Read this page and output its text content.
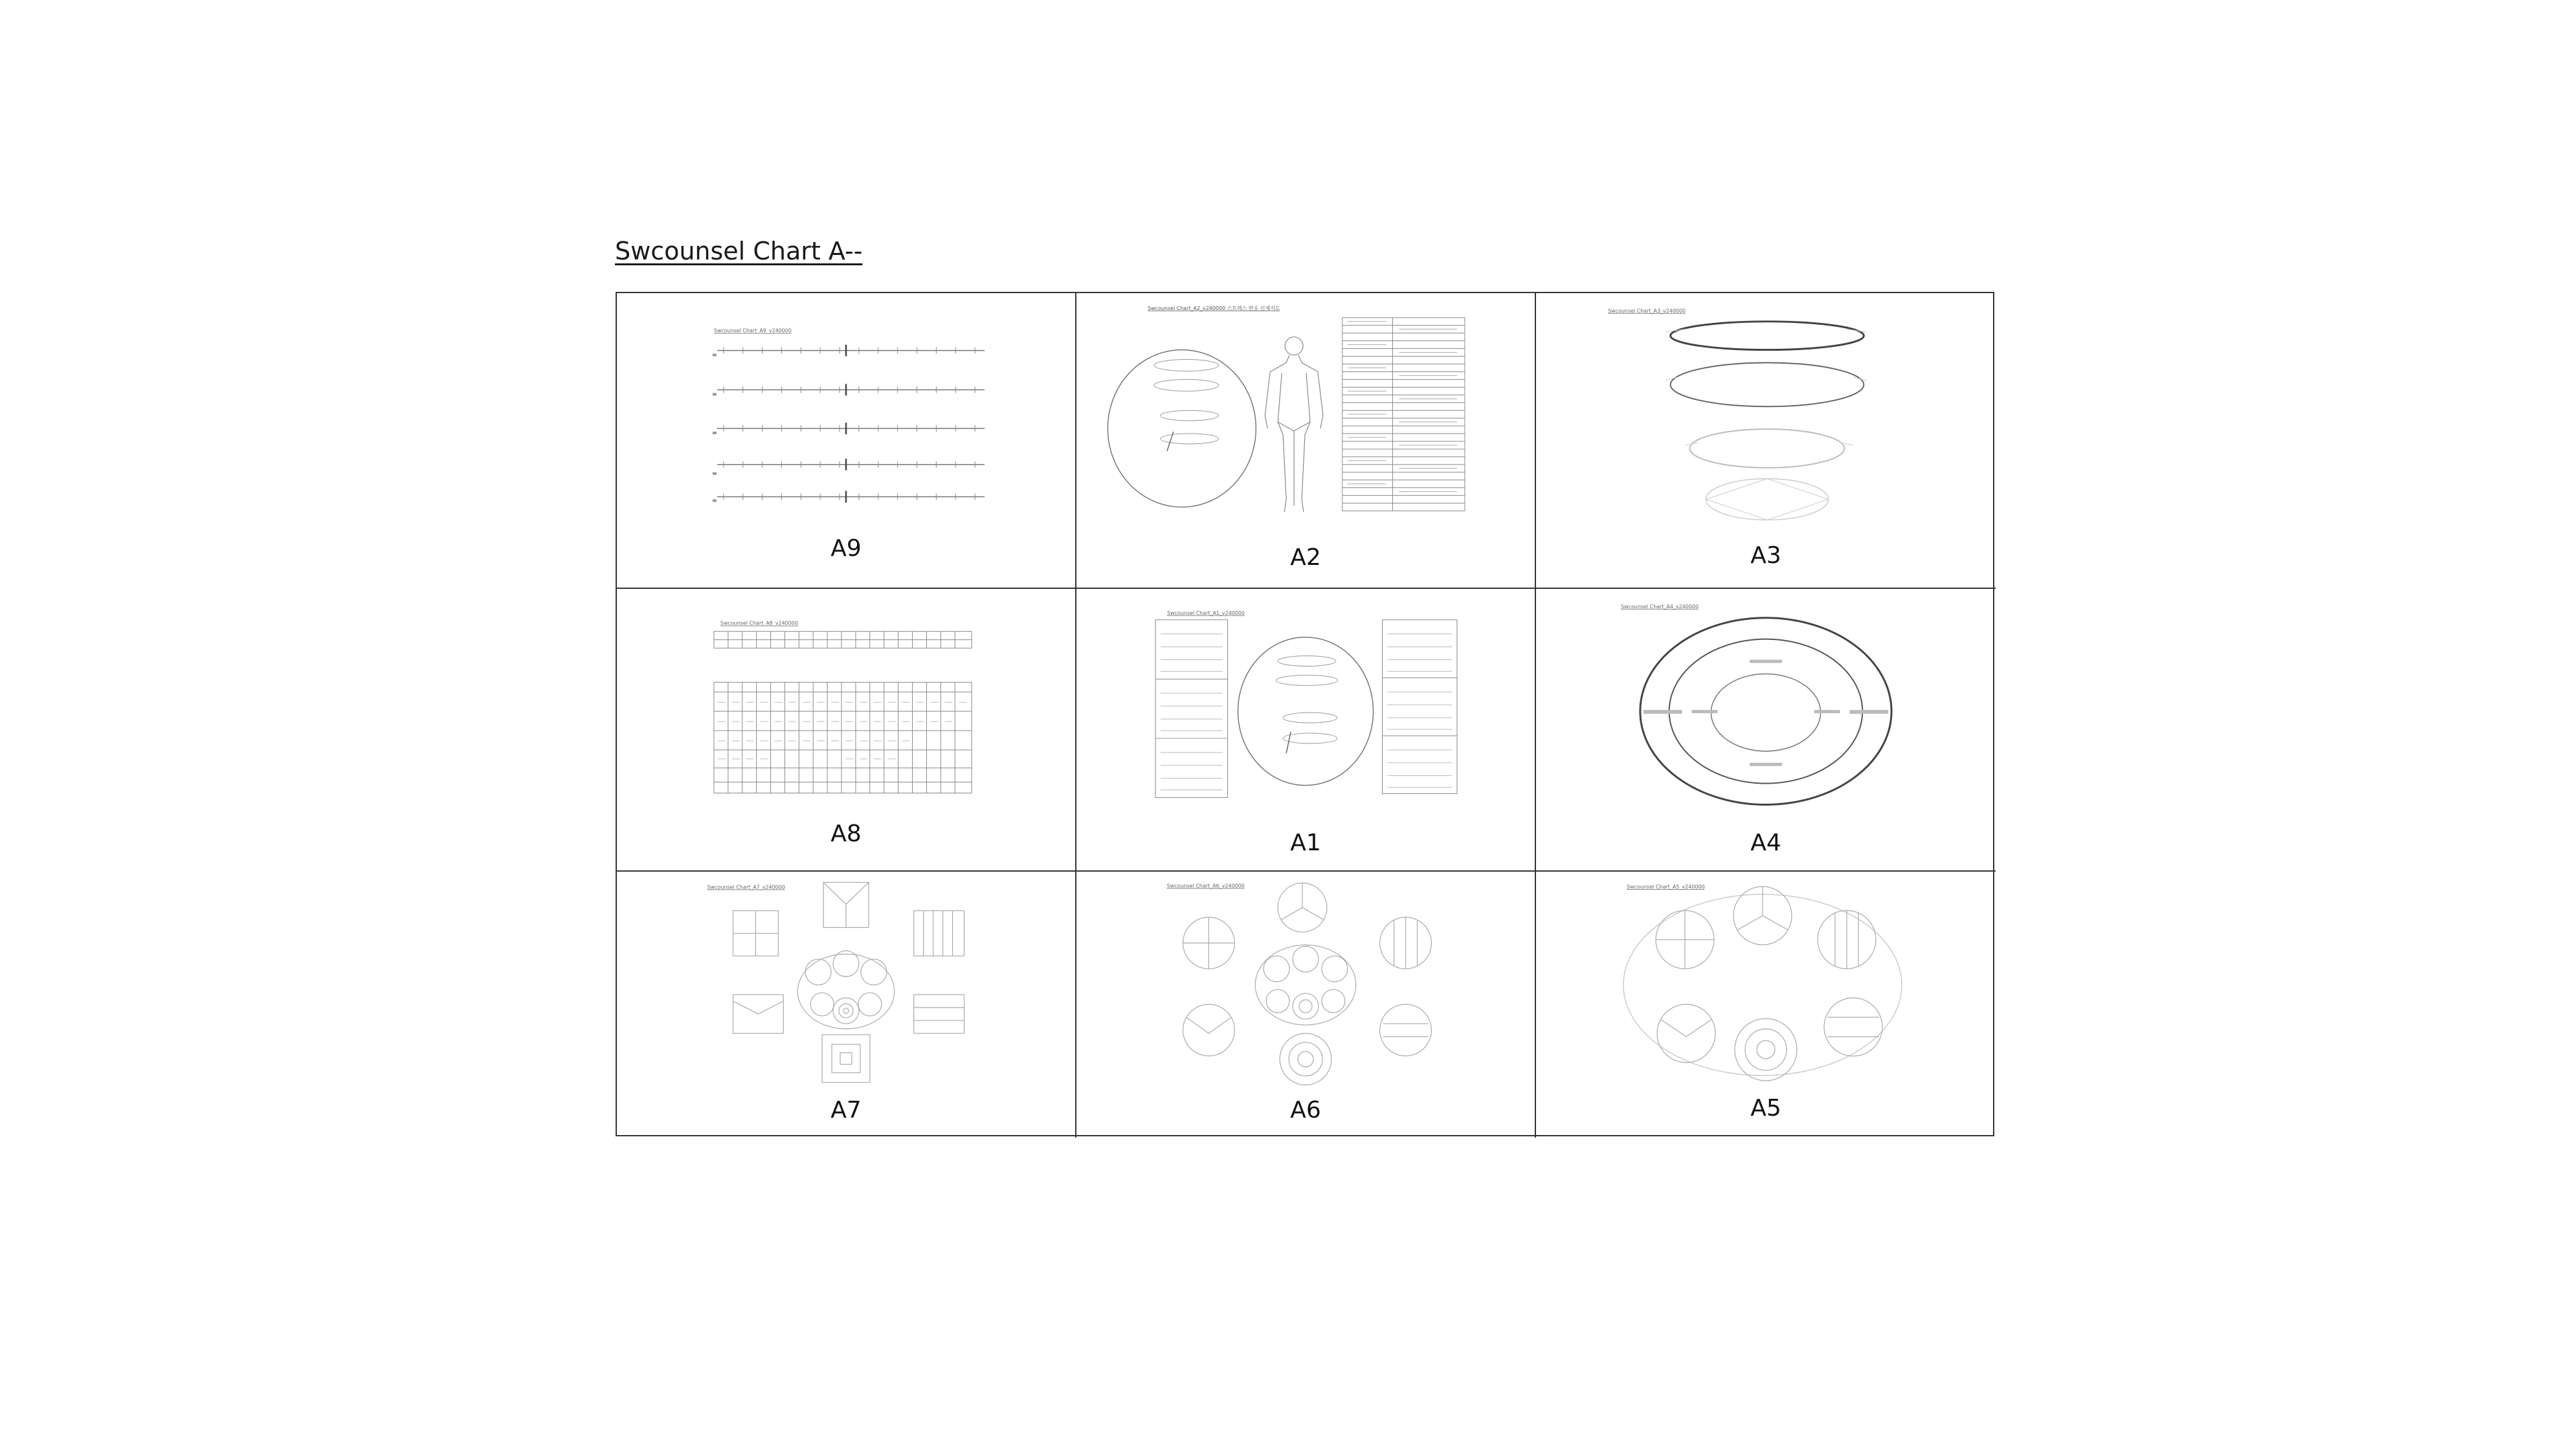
Swcounsel Chart A--
Swcounsel Chart_A9_v240000
A9
Swcounsel Chart_A2_v240000 스트레스 반응 신체지도
A2
Swcounsel Chart_A3_v240000
A3
Swcounsel Chart_A8_v240000
A8
Swcounsel Chart_A1_v240000
A1
Swcounsel Chart_A4_v240000
A4
Swcounsel Chart_A7_v240000
A7
Swcounsel Chart_A6_v240000
A6
Swcounsel Chart_A5_v240000
A5
